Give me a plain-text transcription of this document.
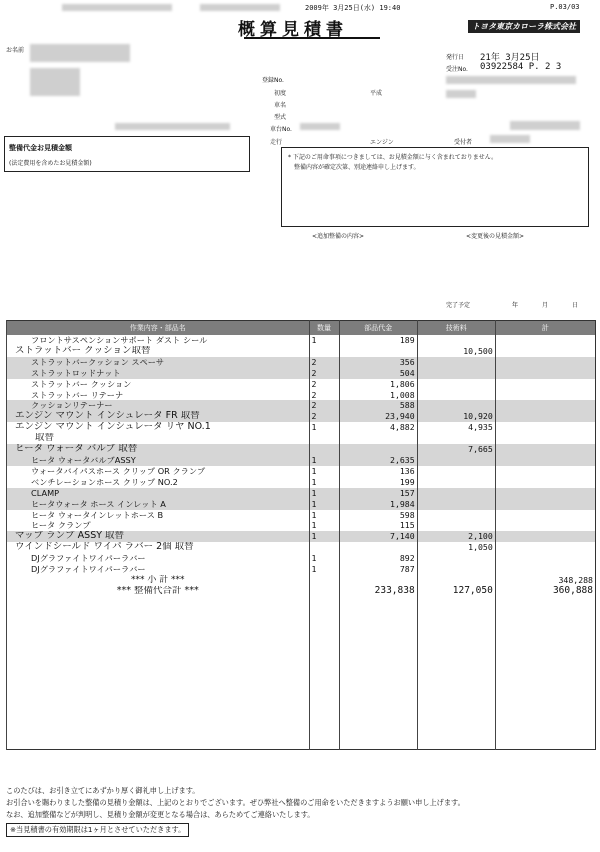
2009年 3月25日(水) 19:40	P.03/03
概算見積書	トヨタ東京カローラ株式会社
お名前
登録No.
初度	平成
車名
型式
車台No.
走行	エンジン
発行日 21年 3月25日
受注No. 03922584 P. 2 3
受付者
整備代金お見積金額
(法定費用を含めたお見積金額)
* 下記のご用命事項につきましては、お見積金額に与く含まれておりません。
整備内容が確定次第、別途連絡申し上げます。
<追加整備の内容>	<変更後の見積金額>
完了予定	年	月	日
作業内容・部品名	数量	部品代金	技術料	計
フロントサスペンションサポート ダスト シール	1	189		
ストラットバー クッション取替			10,500	
ストラットバークッション スペーサ	2	356		
ストラットロッドナット	2	504		
ストラットバー クッション	2	1,806		
ストラットバー リテーナ	2	1,008		
クッションリテーナー	2	588		
エンジン マウント インシュレータ FR 取替	2	23,940	10,920	
エンジン マウント インシュレータ リヤ NO.1	1	4,882	4,935	
取替				
ヒータ ウォータ バルブ 取替			7,665	
ヒータ ウォータバルブASSY	1	2,635		
ウォータバイパスホース クリップ OR クランプ	1	136		
ベンチレーションホース クリップ NO.2	1	199		
CLAMP	1	157		
ヒータウォータ ホース インレット A	1	1,984		
ヒータ ウォータインレットホース B	1	598		
ヒータ クランプ	1	115		
マップ ランプ ASSY 取替	1	7,140	2,100	
ウインドシールド ワイパ ラバー 2個 取替			1,050	
DJグラファイトワイパーラバー	1	892		
DJグラファイトワイパーラバー	1	787		
*** 小 計 ***				348,288
*** 整備代合計 ***		233,838	127,050	360,888

このたびは、お引き立てにあずかり厚く御礼申し上げます。
お引合いを賜わりました整備の見積り金額は、上記のとおりでございます。ぜひ弊社へ整備のご用命をいただきますようお願い申し上げます。
なお、追加整備などが判明し、見積り金額が変更となる場合は、あらためてご連絡いたします。
※当見積書の有効期限は1ヶ月とさせていただきます。
